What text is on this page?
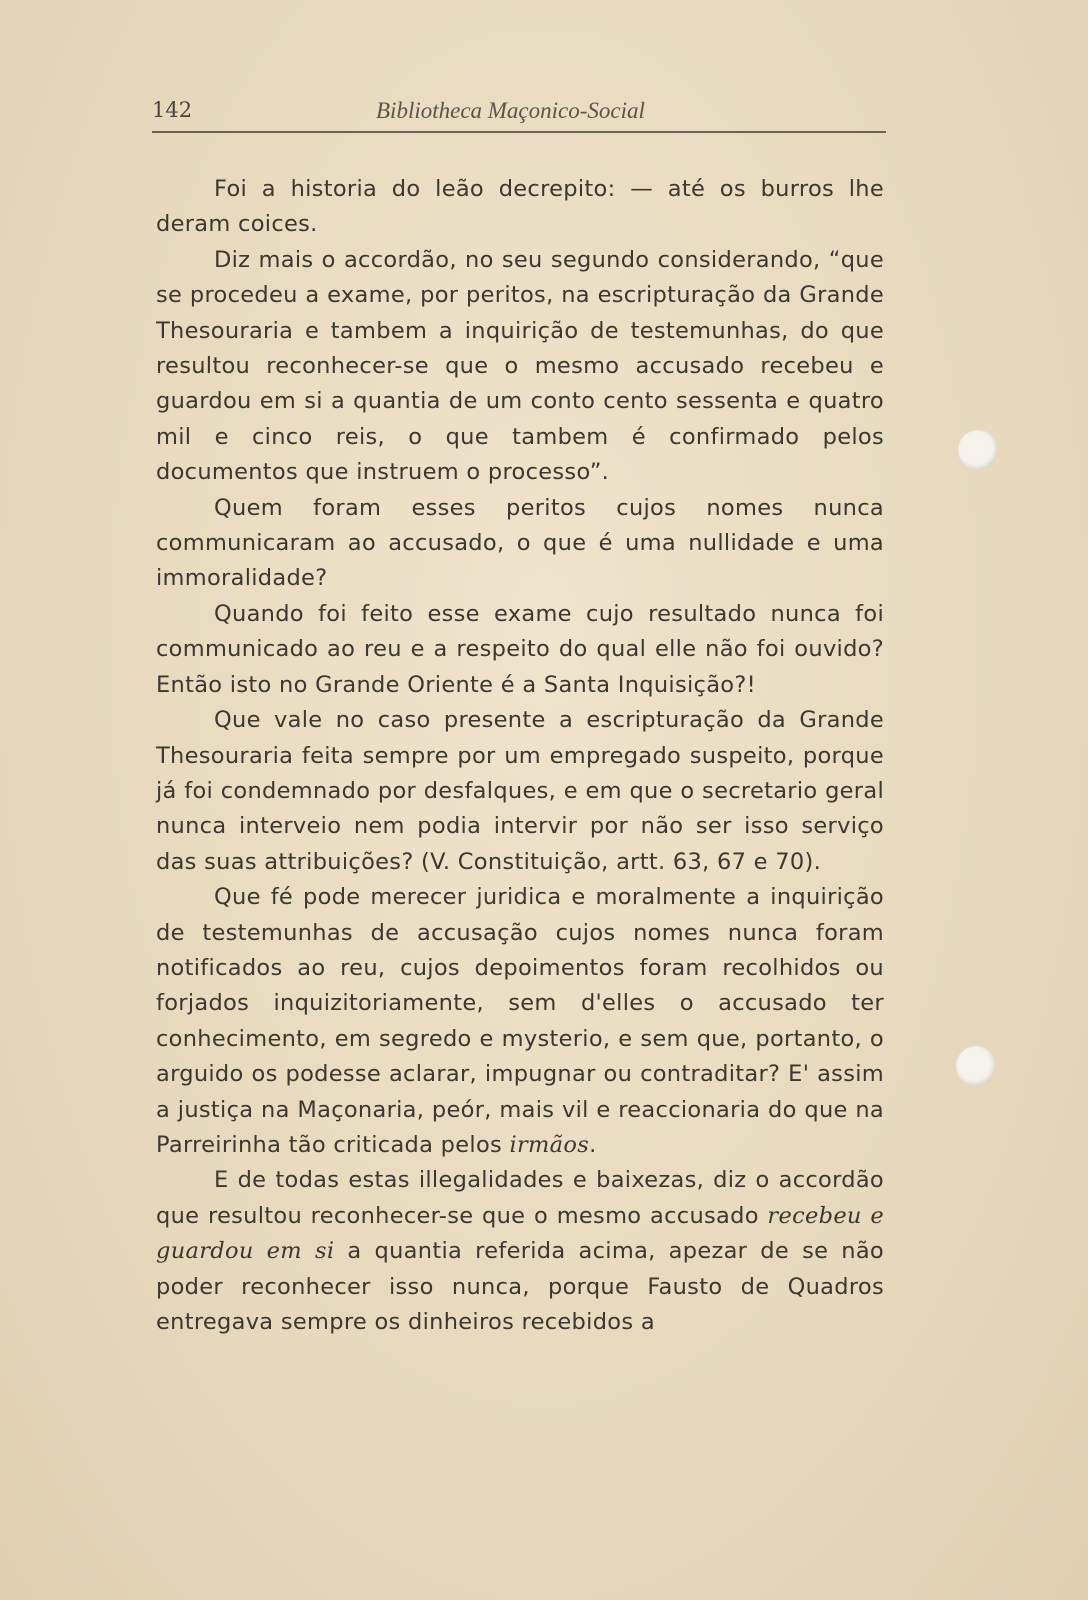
142	Bibliotheca Maçonico-Social

Foi a historia do leão decrepito: — até os burros lhe deram coices.

Diz mais o accordão, no seu segundo considerando, “que se procedeu a exame, por peritos, na escripturação da Grande Thesouraria e tambem a inquirição de testemunhas, do que resultou reconhecer-se que o mesmo accusado recebeu e guardou em si a quantia de um conto cento sessenta e quatro mil e cinco reis, o que tambem é confirmado pelos documentos que instruem o processo”.

Quem foram esses peritos cujos nomes nunca communicaram ao accusado, o que é uma nullidade e uma immoralidade?

Quando foi feito esse exame cujo resultado nunca foi communicado ao reu e a respeito do qual elle não foi ouvido? Então isto no Grande Oriente é a Santa Inquisição?!

Que vale no caso presente a escripturação da Grande Thesouraria feita sempre por um empregado suspeito, porque já foi condemnado por desfalques, e em que o secretario geral nunca interveio nem podia intervir por não ser isso serviço das suas attribuições? (V. Constituição, artt. 63, 67 e 70).

Que fé pode merecer juridica e moralmente a inquirição de testemunhas de accusação cujos nomes nunca foram notificados ao reu, cujos depoimentos foram recolhidos ou forjados inquizitoriamente, sem d'elles o accusado ter conhecimento, em segredo e mysterio, e sem que, portanto, o arguido os podesse aclarar, impugnar ou contraditar? E' assim a justiça na Maçonaria, peór, mais vil e reaccionaria do que na Parreirinha tão criticada pelos irmãos.

E de todas estas illegalidades e baixezas, diz o accordão que resultou reconhecer-se que o mesmo accusado recebeu e guardou em si a quantia referida acima, apezar de se não poder reconhecer isso nunca, porque Fausto de Quadros entregava sempre os dinheiros recebidos a
